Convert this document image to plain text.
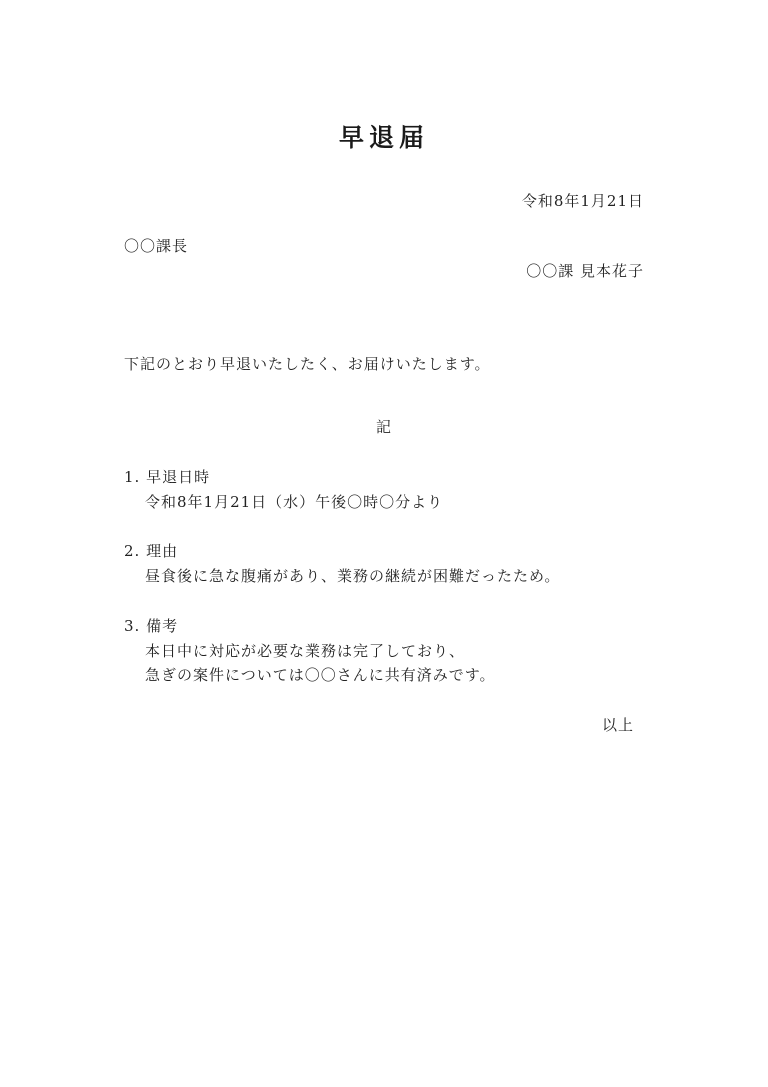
早退届
令和8年1月21日
〇〇課長
〇〇課 見本花子
下記のとおり早退いたしたく、お届けいたします。
記
1. 早退日時
令和8年1月21日（水）午後〇時〇分より
2. 理由
昼食後に急な腹痛があり、業務の継続が困難だったため。
3. 備考
本日中に対応が必要な業務は完了しており、
急ぎの案件については〇〇さんに共有済みです。
以上
